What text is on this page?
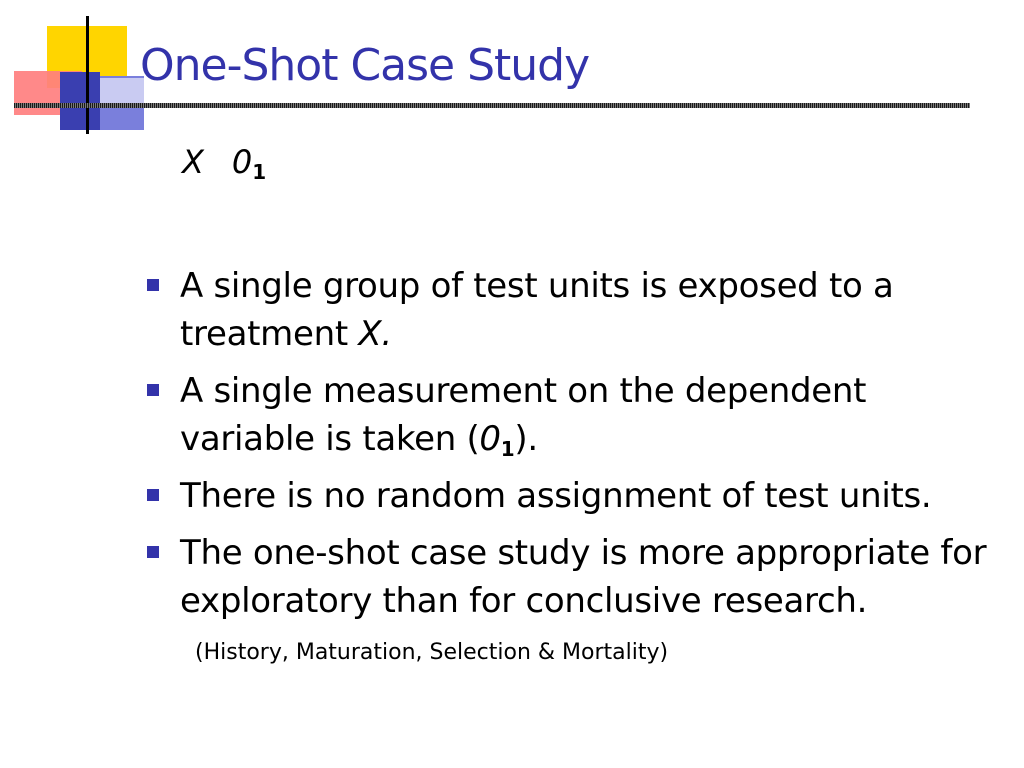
One-Shot Case Study
X $0_1$
A single group of test units is exposed to a treatment X.
A single measurement on the dependent variable is taken $(0_1)$.
There is no random assignment of test units.
The one-shot case study is more appropriate for exploratory than for conclusive research.
(History, Maturation, Selection & Mortality)
